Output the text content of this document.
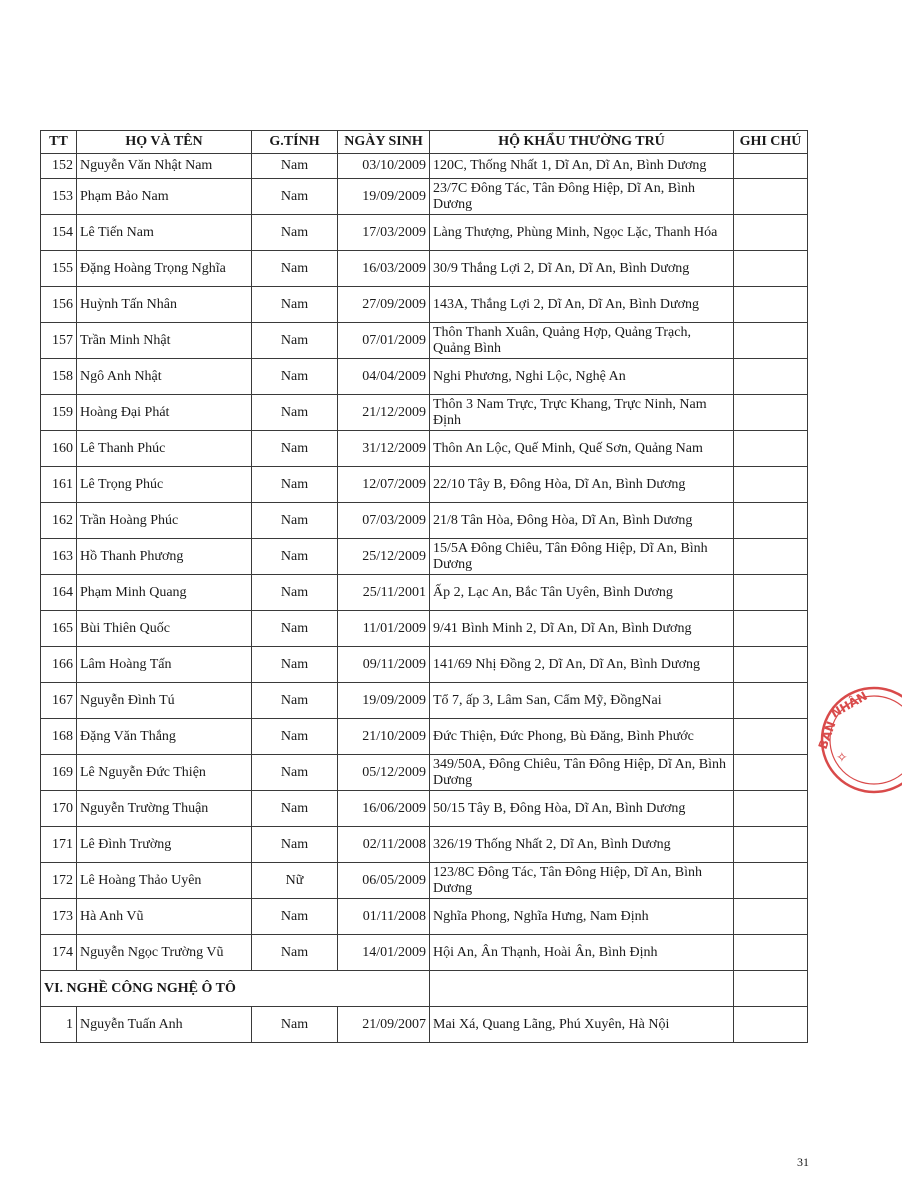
TT	HỌ VÀ TÊN	G.TÍNH	NGÀY SINH	HỘ KHẨU THƯỜNG TRÚ	GHI CHÚ
152	Nguyễn Văn Nhật Nam	Nam	03/10/2009	120C, Thống Nhất 1, Dĩ An, Dĩ An, Bình Dương	
153	Phạm Bảo Nam	Nam	19/09/2009	23/7C Đông Tác, Tân Đông Hiệp, Dĩ An, Bình Dương	
154	Lê Tiến Nam	Nam	17/03/2009	Làng Thượng, Phùng Minh, Ngọc Lặc, Thanh Hóa	
155	Đặng Hoàng Trọng Nghĩa	Nam	16/03/2009	30/9 Thắng Lợi 2, Dĩ An, Dĩ An, Bình Dương	
156	Huỳnh Tấn Nhân	Nam	27/09/2009	143A, Thắng Lợi 2, Dĩ An, Dĩ An, Bình Dương	
157	Trần Minh Nhật	Nam	07/01/2009	Thôn Thanh Xuân, Quảng Hợp, Quảng Trạch, Quảng Bình	
158	Ngô Anh Nhật	Nam	04/04/2009	Nghi Phương, Nghi Lộc, Nghệ An	
159	Hoàng Đại Phát	Nam	21/12/2009	Thôn 3 Nam Trực, Trực Khang, Trực Ninh, Nam Định	
160	Lê Thanh Phúc	Nam	31/12/2009	Thôn An Lộc, Quế Minh, Quế Sơn, Quảng Nam	
161	Lê Trọng Phúc	Nam	12/07/2009	22/10 Tây B, Đông Hòa, Dĩ An, Bình Dương	
162	Trần Hoàng Phúc	Nam	07/03/2009	21/8 Tân Hòa, Đông Hòa, Dĩ An, Bình Dương	
163	Hồ Thanh Phương	Nam	25/12/2009	15/5A Đông Chiêu, Tân Đông Hiệp, Dĩ An, Bình Dương	
164	Phạm Minh Quang	Nam	25/11/2001	Ấp 2, Lạc An, Bắc Tân Uyên, Bình Dương	
165	Bùi Thiên Quốc	Nam	11/01/2009	9/41 Bình Minh 2, Dĩ An, Dĩ An, Bình Dương	
166	Lâm Hoàng Tấn	Nam	09/11/2009	141/69 Nhị Đồng 2, Dĩ An, Dĩ An, Bình Dương	
167	Nguyễn Đình Tú	Nam	19/09/2009	Tổ 7, ấp 3, Lâm San, Cẩm Mỹ, ĐồngNai	
168	Đặng Văn Thắng	Nam	21/10/2009	Đức Thiện, Đức Phong, Bù Đăng, Bình Phước	
169	Lê Nguyễn Đức Thiện	Nam	05/12/2009	349/50A, Đông Chiêu, Tân Đông Hiệp, Dĩ An, Bình Dương	
170	Nguyễn Trường Thuận	Nam	16/06/2009	50/15 Tây B, Đông Hòa, Dĩ An, Bình Dương	
171	Lê Đình Trường	Nam	02/11/2008	326/19 Thống Nhất 2, Dĩ An, Bình Dương	
172	Lê Hoàng Thảo Uyên	Nữ	06/05/2009	123/8C Đông Tác, Tân Đông Hiệp, Dĩ An, Bình Dương	
173	Hà Anh Vũ	Nam	01/11/2008	Nghĩa Phong, Nghĩa Hưng, Nam Định	
174	Nguyễn Ngọc Trường Vũ	Nam	14/01/2009	Hội An, Ân Thạnh, Hoài Ân, Bình Định	
VI. NGHỀ CÔNG NGHỆ Ô TÔ					
1	Nguyễn Tuấn Anh	Nam	21/09/2007	Mai Xá, Quang Lãng, Phú Xuyên, Hà Nội	
BAN
NHÂN
✧
31
